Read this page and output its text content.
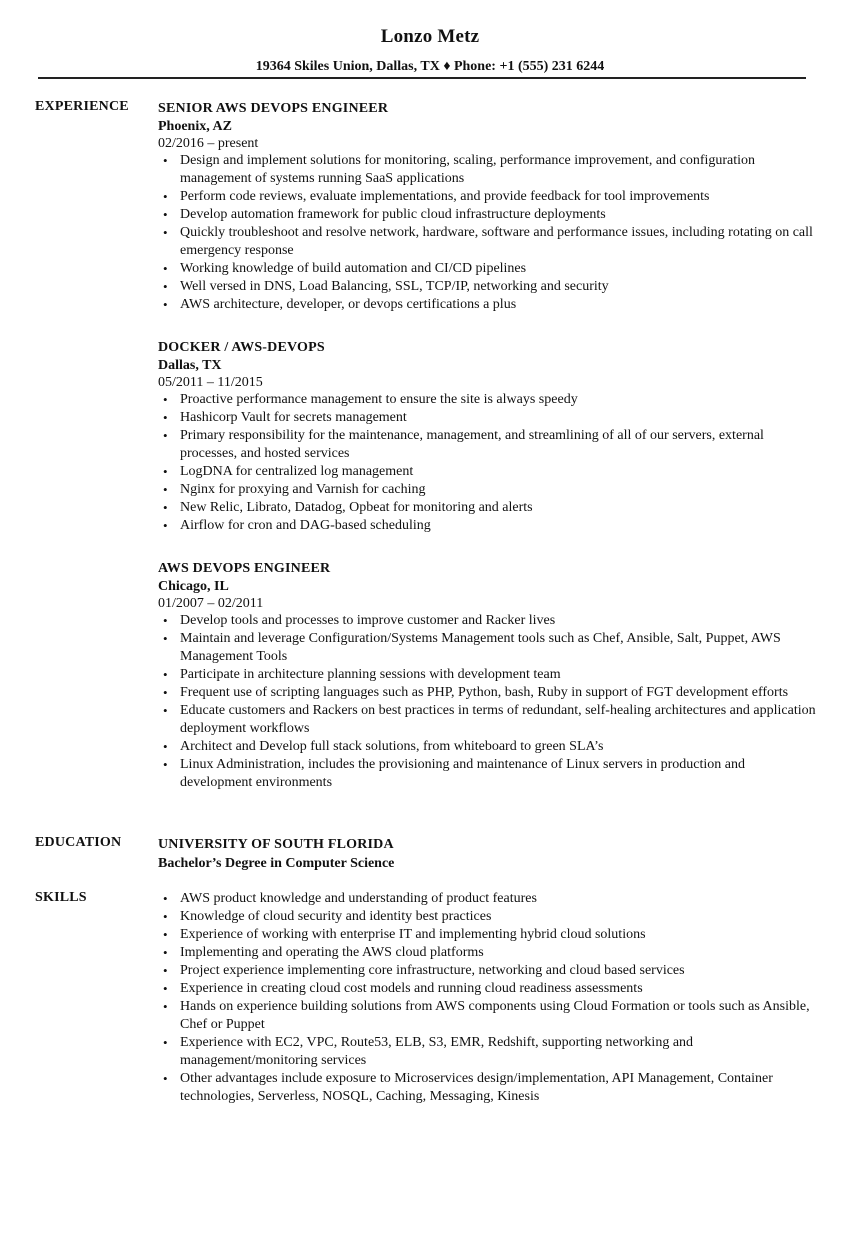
Lonzo Metz
19364 Skiles Union, Dallas, TX ♦ Phone: +1 (555) 231 6244
EXPERIENCE	SENIOR AWS DEVOPS ENGINEER
Phoenix, AZ
02/2016 – present
• Design and implement solutions for monitoring, scaling, performance improvement, and configuration management of systems running SaaS applications
• Perform code reviews, evaluate implementations, and provide feedback for tool improvements
• Develop automation framework for public cloud infrastructure deployments
• Quickly troubleshoot and resolve network, hardware, software and performance issues, including rotating on call emergency response
• Working knowledge of build automation and CI/CD pipelines
• Well versed in DNS, Load Balancing, SSL, TCP/IP, networking and security
• AWS architecture, developer, or devops certifications a plus
DOCKER / AWS-DEVOPS
Dallas, TX
05/2011 – 11/2015
• Proactive performance management to ensure the site is always speedy
• Hashicorp Vault for secrets management
• Primary responsibility for the maintenance, management, and streamlining of all of our servers, external processes, and hosted services
• LogDNA for centralized log management
• Nginx for proxying and Varnish for caching
• New Relic, Librato, Datadog, Opbeat for monitoring and alerts
• Airflow for cron and DAG-based scheduling
AWS DEVOPS ENGINEER
Chicago, IL
01/2007 – 02/2011
• Develop tools and processes to improve customer and Racker lives
• Maintain and leverage Configuration/Systems Management tools such as Chef, Ansible, Salt, Puppet, AWS Management Tools
• Participate in architecture planning sessions with development team
• Frequent use of scripting languages such as PHP, Python, bash, Ruby in support of FGT development efforts
• Educate customers and Rackers on best practices in terms of redundant, self-healing architectures and application deployment workflows
• Architect and Develop full stack solutions, from whiteboard to green SLA’s
• Linux Administration, includes the provisioning and maintenance of Linux servers in production and development environments
EDUCATION	UNIVERSITY OF SOUTH FLORIDA
Bachelor’s Degree in Computer Science
SKILLS
•	AWS product knowledge and understanding of product features
• Knowledge of cloud security and identity best practices
• Experience of working with enterprise IT and implementing hybrid cloud solutions
• Implementing and operating the AWS cloud platforms
• Project experience implementing core infrastructure, networking and cloud based services
• Experience in creating cloud cost models and running cloud readiness assessments
• Hands on experience building solutions from AWS components using Cloud Formation or tools such as Ansible, Chef or Puppet
• Experience with EC2, VPC, Route53, ELB, S3, EMR, Redshift, supporting networking and management/monitoring services
• Other advantages include exposure to Microservices design/implementation, API Management, Container technologies, Serverless, NOSQL, Caching, Messaging, Kinesis
